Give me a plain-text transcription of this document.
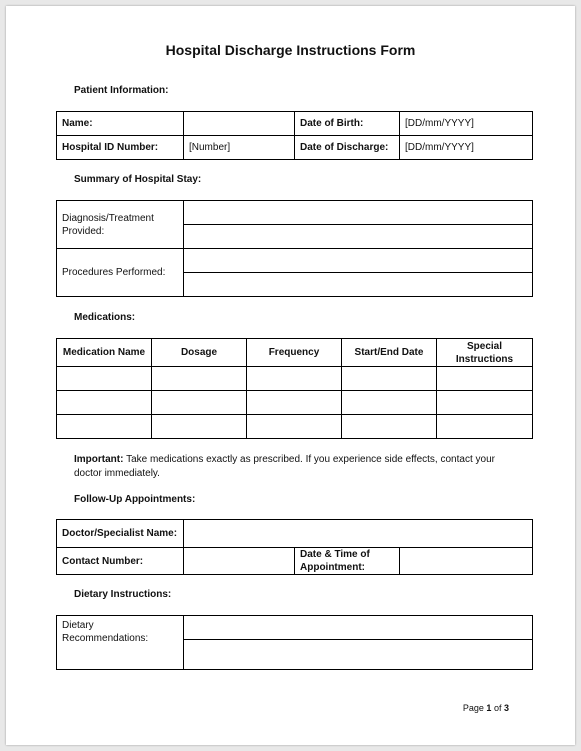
Hospital Discharge Instructions Form
Patient Information:
Name:		Date of Birth:	[DD/mm/YYYY]
Hospital ID Number:	[Number]	Date of Discharge:	[DD/mm/YYYY]
Summary of Hospital Stay:
Diagnosis/Treatment Provided:	

Procedures Performed:	

Medications:
Medication Name	Dosage	Frequency	Start/End Date	Special Instructions

Important: Take medications exactly as prescribed. If you experience side effects, contact your doctor immediately.
Follow-Up Appointments:
Doctor/Specialist Name:			
Contact Number:		Date & Time of Appointment:	
Dietary Instructions:
Dietary Recommendations:	

Page 1 of 3
